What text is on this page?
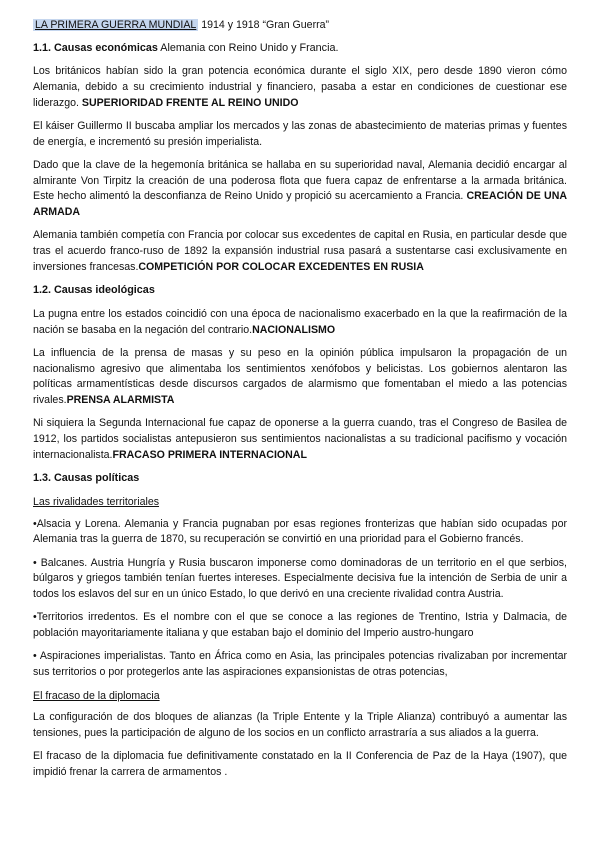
LA PRIMERA GUERRA MUNDIAL 1914 y 1918 “Gran Guerra”

1.1. Causas económicas Alemania con Reino Unido y Francia.

Los británicos habían sido la gran potencia económica durante el siglo XIX, pero desde 1890 vieron cómo Alemania, debido a su crecimiento industrial y financiero, pasaba a estar en condiciones de cuestionar ese liderazgo. SUPERIORIDAD FRENTE AL REINO UNIDO

El káiser Guillermo II buscaba ampliar los mercados y las zonas de abastecimiento de materias primas y fuentes de energía, e incrementó su presión imperialista.

Dado que la clave de la hegemonía británica se hallaba en su superioridad naval, Alemania decidió encargar al almirante Von Tirpitz la creación de una poderosa flota que fuera capaz de enfrentarse a la armada británica. Este hecho alimentó la desconfianza de Reino Unido y propició su acercamiento a Francia. CREACIÓN DE UNA ARMADA

Alemania también competía con Francia por colocar sus excedentes de capital en Rusia, en particular desde que tras el acuerdo franco-ruso de 1892 la expansión industrial rusa pasará a sustentarse casi exclusivamente en inversiones francesas.COMPETICIÓN POR COLOCAR EXCEDENTES EN RUSIA

1.2. Causas ideológicas

La pugna entre los estados coincidió con una época de nacionalismo exacerbado en la que la reafirmación de la nación se basaba en la negación del contrario.NACIONALISMO

La influencia de la prensa de masas y su peso en la opinión pública impulsaron la propagación de un nacionalismo agresivo que alimentaba los sentimientos xenófobos y belicistas. Los gobiernos alentaron las políticas armamentísticas desde discursos cargados de alarmismo que fomentaban el miedo a las potencias rivales.PRENSA ALARMISTA

Ni siquiera la Segunda Internacional fue capaz de oponerse a la guerra cuando, tras el Congreso de Basilea de 1912, los partidos socialistas antepusieron sus sentimientos nacionalistas a su tradicional pacifismo y vocación internacionalista.FRACASO PRIMERA INTERNACIONAL

1.3. Causas políticas

Las rivalidades territoriales

•Alsacia y Lorena. Alemania y Francia pugnaban por esas regiones fronterizas que habían sido ocupadas por Alemania tras la guerra de 1870, su recuperación se convirtió en una prioridad para el Gobierno francés.

• Balcanes. Austria Hungría y Rusia buscaron imponerse como dominadoras de un territorio en el que serbios, búlgaros y griegos también tenían fuertes intereses. Especialmente decisiva fue la intención de Serbia de unir a todos los eslavos del sur en un único Estado, lo que derivó en una creciente rivalidad contra Austria.

•Territorios irredentos. Es el nombre con el que se conoce a las regiones de Trentino, Istria y Dalmacia, de población mayoritariamente italiana y que estaban bajo el dominio del Imperio austro-hungaro

• Aspiraciones imperialistas. Tanto en África como en Asia, las principales potencias rivalizaban por incrementar sus territorios o por protegerlos ante las aspiraciones expansionistas de otras potencias,

El fracaso de la diplomacia

La configuración de dos bloques de alianzas (la Triple Entente y la Triple Alianza) contribuyó a aumentar las tensiones, pues la participación de alguno de los socios en un conflicto arrastraría a sus aliados a la guerra.

El fracaso de la diplomacia fue definitivamente constatado en la II Conferencia de Paz de la Haya (1907), que impidió frenar la carrera de armamentos .
